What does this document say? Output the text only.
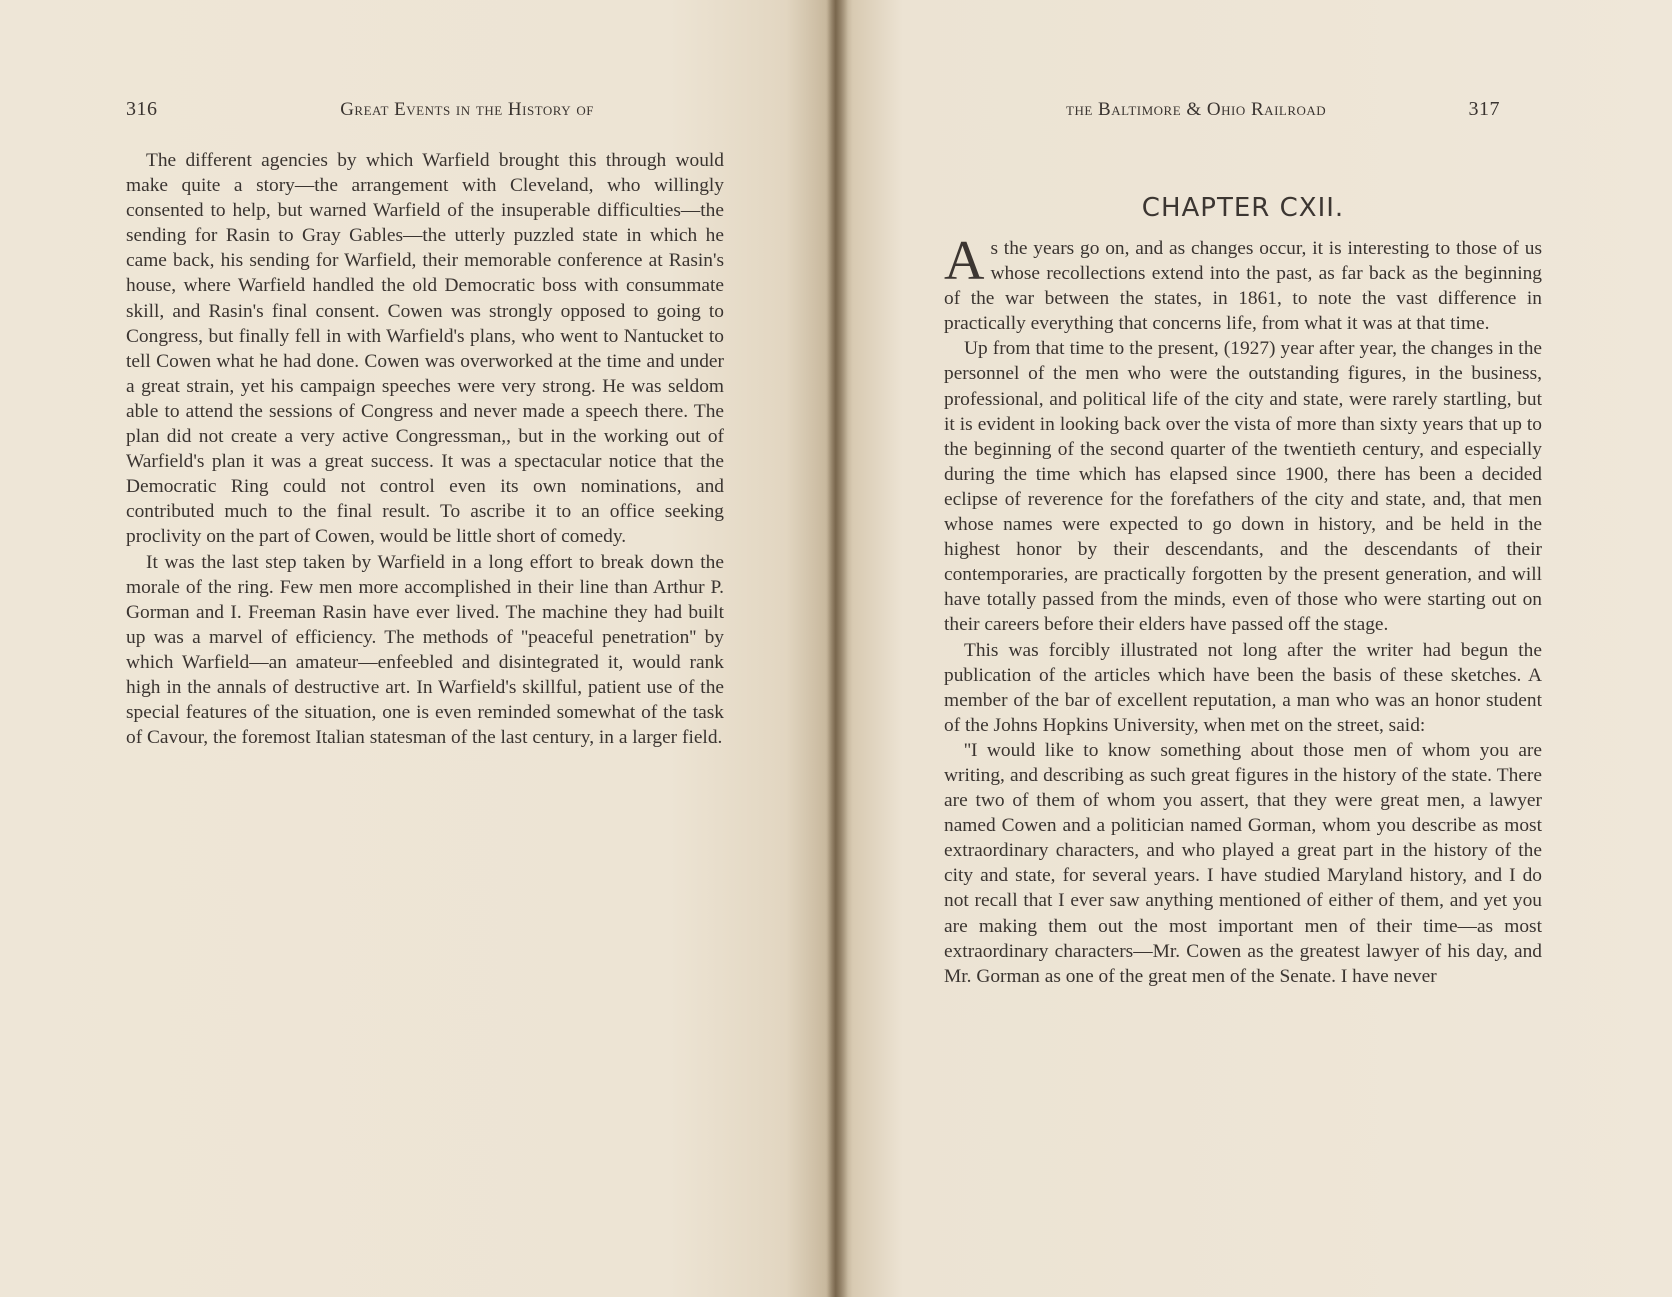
316	Great Events in the History of

The different agencies by which Warfield brought this through would make quite a story—the arrangement with Cleveland, who willingly consented to help, but warned Warfield of the insuperable difficulties—the sending for Rasin to Gray Gables—the utterly puzzled state in which he came back, his sending for Warfield, their memorable conference at Rasin's house, where Warfield handled the old Democratic boss with consummate skill, and Rasin's final consent. Cowen was strongly opposed to going to Congress, but finally fell in with Warfield's plans, who went to Nantucket to tell Cowen what he had done. Cowen was overworked at the time and under a great strain, yet his campaign speeches were very strong. He was seldom able to attend the sessions of Congress and never made a speech there. The plan did not create a very active Congressman,, but in the working out of Warfield's plan it was a great success. It was a spectacular notice that the Democratic Ring could not control even its own nominations, and contributed much to the final result. To ascribe it to an office seeking proclivity on the part of Cowen, would be little short of comedy.

It was the last step taken by Warfield in a long effort to break down the morale of the ring. Few men more accomplished in their line than Arthur P. Gorman and I. Freeman Rasin have ever lived. The machine they had built up was a marvel of efficiency. The methods of ''peaceful penetration'' by which Warfield—an amateur—enfeebled and disintegrated it, would rank high in the annals of destructive art. In Warfield's skillful, patient use of the special features of the situation, one is even reminded somewhat of the task of Cavour, the foremost Italian statesman of the last century, in a larger field.

the Baltimore & Ohio Railroad	317
CHAPTER CXII.

As the years go on, and as changes occur, it is interesting to those of us whose recollections extend into the past, as far back as the beginning of the war between the states, in 1861, to note the vast difference in practically everything that concerns life, from what it was at that time.

Up from that time to the present, (1927) year after year, the changes in the personnel of the men who were the outstanding figures, in the business, professional, and political life of the city and state, were rarely startling, but it is evident in looking back over the vista of more than sixty years that up to the beginning of the second quarter of the twentieth century, and especially during the time which has elapsed since 1900, there has been a decided eclipse of reverence for the forefathers of the city and state, and, that men whose names were expected to go down in history, and be held in the highest honor by their descendants, and the descendants of their contemporaries, are practically forgotten by the present generation, and will have totally passed from the minds, even of those who were starting out on their careers before their elders have passed off the stage.

This was forcibly illustrated not long after the writer had begun the publication of the articles which have been the basis of these sketches. A member of the bar of excellent reputation, a man who was an honor student of the Johns Hopkins University, when met on the street, said:

''I would like to know something about those men of whom you are writing, and describing as such great figures in the history of the state. There are two of them of whom you assert, that they were great men, a lawyer named Cowen and a politician named Gorman, whom you describe as most extraordinary characters, and who played a great part in the history of the city and state, for several years. I have studied Maryland history, and I do not recall that I ever saw anything mentioned of either of them, and yet you are making them out the most important men of their time—as most extraordinary characters—Mr. Cowen as the greatest lawyer of his day, and Mr. Gorman as one of the great men of the Senate. I have never
